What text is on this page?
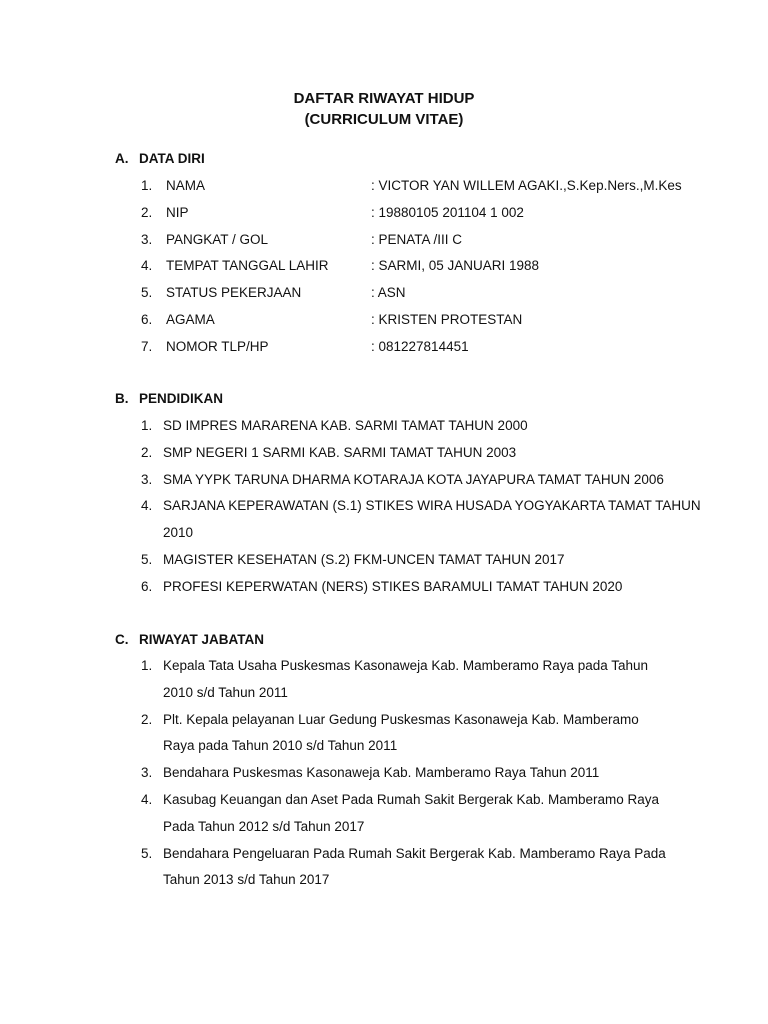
DAFTAR RIWAYAT HIDUP
(CURRICULUM VITAE)
A. DATA DIRI
1. NAMA	: VICTOR YAN WILLEM AGAKI.,S.Kep.Ners.,M.Kes
2. NIP	: 19880105 201104 1 002
3. PANGKAT / GOL	: PENATA /III C
4. TEMPAT TANGGAL LAHIR	: SARMI, 05 JANUARI 1988
5. STATUS PEKERJAAN	: ASN
6. AGAMA	: KRISTEN PROTESTAN
7. NOMOR TLP/HP	: 081227814451
B. PENDIDIKAN
1. SD IMPRES MARARENA KAB. SARMI TAMAT TAHUN 2000
2. SMP NEGERI 1 SARMI KAB. SARMI TAMAT TAHUN 2003
3. SMA YYPK TARUNA DHARMA KOTARAJA KOTA JAYAPURA TAMAT TAHUN 2006
4. SARJANA KEPERAWATAN (S.1) STIKES WIRA HUSADA YOGYAKARTA TAMAT TAHUN
2010
5. MAGISTER KESEHATAN (S.2) FKM-UNCEN TAMAT TAHUN 2017
6. PROFESI KEPERWATAN (NERS) STIKES BARAMULI TAMAT TAHUN 2020
C. RIWAYAT JABATAN
1. Kepala Tata Usaha Puskesmas Kasonaweja Kab. Mamberamo Raya pada Tahun
2010 s/d Tahun 2011
2. Plt. Kepala pelayanan Luar Gedung Puskesmas Kasonaweja Kab. Mamberamo
Raya pada Tahun 2010 s/d Tahun 2011
3. Bendahara Puskesmas Kasonaweja Kab. Mamberamo Raya Tahun 2011
4. Kasubag Keuangan dan Aset Pada Rumah Sakit Bergerak Kab. Mamberamo Raya
Pada Tahun 2012 s/d Tahun 2017
5. Bendahara Pengeluaran Pada Rumah Sakit Bergerak Kab. Mamberamo Raya Pada
Tahun 2013 s/d Tahun 2017
